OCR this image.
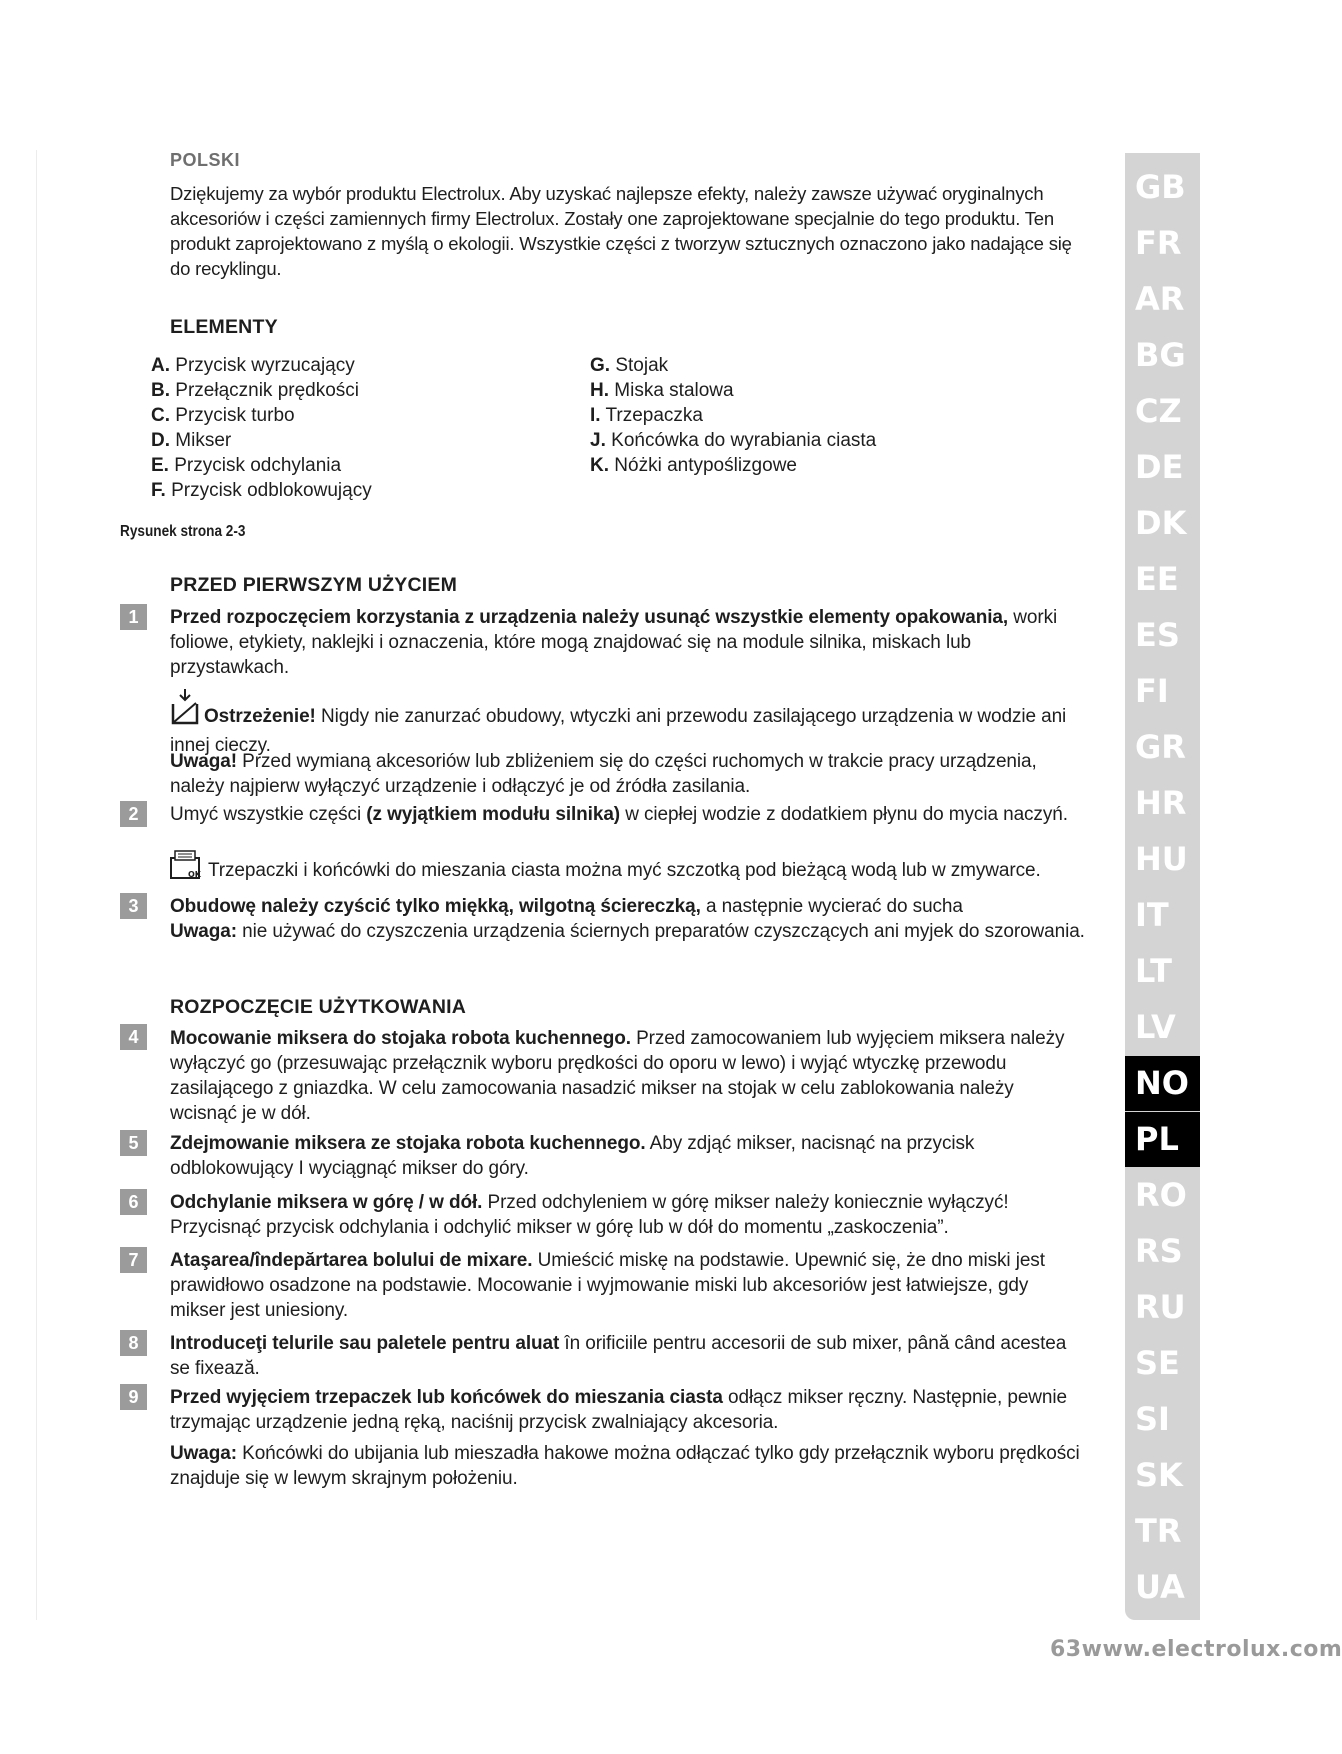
POLSKI

Dziękujemy za wybór produktu Electrolux. Aby uzyskać najlepsze efekty, należy zawsze używać oryginalnych akcesoriów i części zamiennych firmy Electrolux. Zostały one zaprojektowane specjalnie do tego produktu. Ten produkt zaprojektowano z myślą o ekologii. Wszystkie części z tworzyw sztucznych oznaczono jako nadające się do recyklingu.

ELEMENTY
A. Przycisk wyrzucający
B. Przełącznik prędkości
C. Przycisk turbo
D. Mikser
E. Przycisk odchylania
F. Przycisk odblokowujący
G. Stojak
H. Miska stalowa
I. Trzepaczka
J. Końcówka do wyrabiania ciasta
K. Nóżki antypoślizgowe
Rysunek strona 2-3
PRZED PIERWSZYM UŻYCIEM
1	Przed rozpoczęciem korzystania z urządzenia należy usunąć wszystkie elementy opakowania, worki foliowe, etykiety, naklejki i oznaczenia, które mogą znajdować się na module silnika, miskach lub przystawkach.

Ostrzeżenie! Nigdy nie zanurzać obudowy, wtyczki ani przewodu zasilającego urządzenia w wodzie ani innej cieczy.

Uwaga! Przed wymianą akcesoriów lub zbliżeniem się do części ruchomych w trakcie pracy urządzenia, należy najpierw wyłączyć urządzenie i odłączyć je od źródła zasilania.

2	Umyć wszystkie części (z wyjątkiem modułu silnika) w ciepłej wodzie z dodatkiem płynu do mycia naczyń.

OK Trzepaczki i końcówki do mieszania ciasta można myć szczotką pod bieżącą wodą lub w zmywarce.

3	Obudowę należy czyścić tylko miękką, wilgotną ściereczką, a następnie wycierać do sucha

Uwaga: nie używać do czyszczenia urządzenia ściernych preparatów czyszczących ani myjek do szorowania.

ROZPOCZĘCIE UŻYTKOWANIA
4	Mocowanie miksera do stojaka robota kuchennego. Przed zamocowaniem lub wyjęciem miksera należy wyłączyć go (przesuwając przełącznik wyboru prędkości do oporu w lewo) i wyjąć wtyczkę przewodu zasilającego z gniazdka. W celu zamocowania nasadzić mikser na stojak w celu zablokowania należy wcisnąć je w dół.

5	Zdejmowanie miksera ze stojaka robota kuchennego. Aby zdjąć mikser, nacisnąć na przycisk odblokowujący I wyciągnąć mikser do góry.

6	Odchylanie miksera w górę / w dół. Przed odchyleniem w górę mikser należy koniecznie wyłączyć! Przycisnąć przycisk odchylania i odchylić mikser w górę lub w dół do momentu „zaskoczenia”.

7	Ataşarea/îndepărtarea bolului de mixare. Umieścić miskę na podstawie. Upewnić się, że dno miski jest prawidłowo osadzone na podstawie. Mocowanie i wyjmowanie miski lub akcesoriów jest łatwiejsze, gdy mikser jest uniesiony.

8	Introduceţi telurile sau paletele pentru aluat în orificiile pentru accesorii de sub mixer, până când acestea se fixează.

9	Przed wyjęciem trzepaczek lub końcówek do mieszania ciasta odłącz mikser ręczny. Następnie, pewnie trzymając urządzenie jedną ręką, naciśnij przycisk zwalniający akcesoria.

Uwaga: Końcówki do ubijania lub mieszadła hakowe można odłączać tylko gdy przełącznik wyboru prędkości znajduje się w lewym skrajnym położeniu.

GB
FR
AR
BG
CZ
DE
DK
EE
ES
FI
GR
HR
HU
IT
LT
LV
NO
PL
RO
RS
RU
SE
SI
SK
TR
UA
63www.electrolux.com
